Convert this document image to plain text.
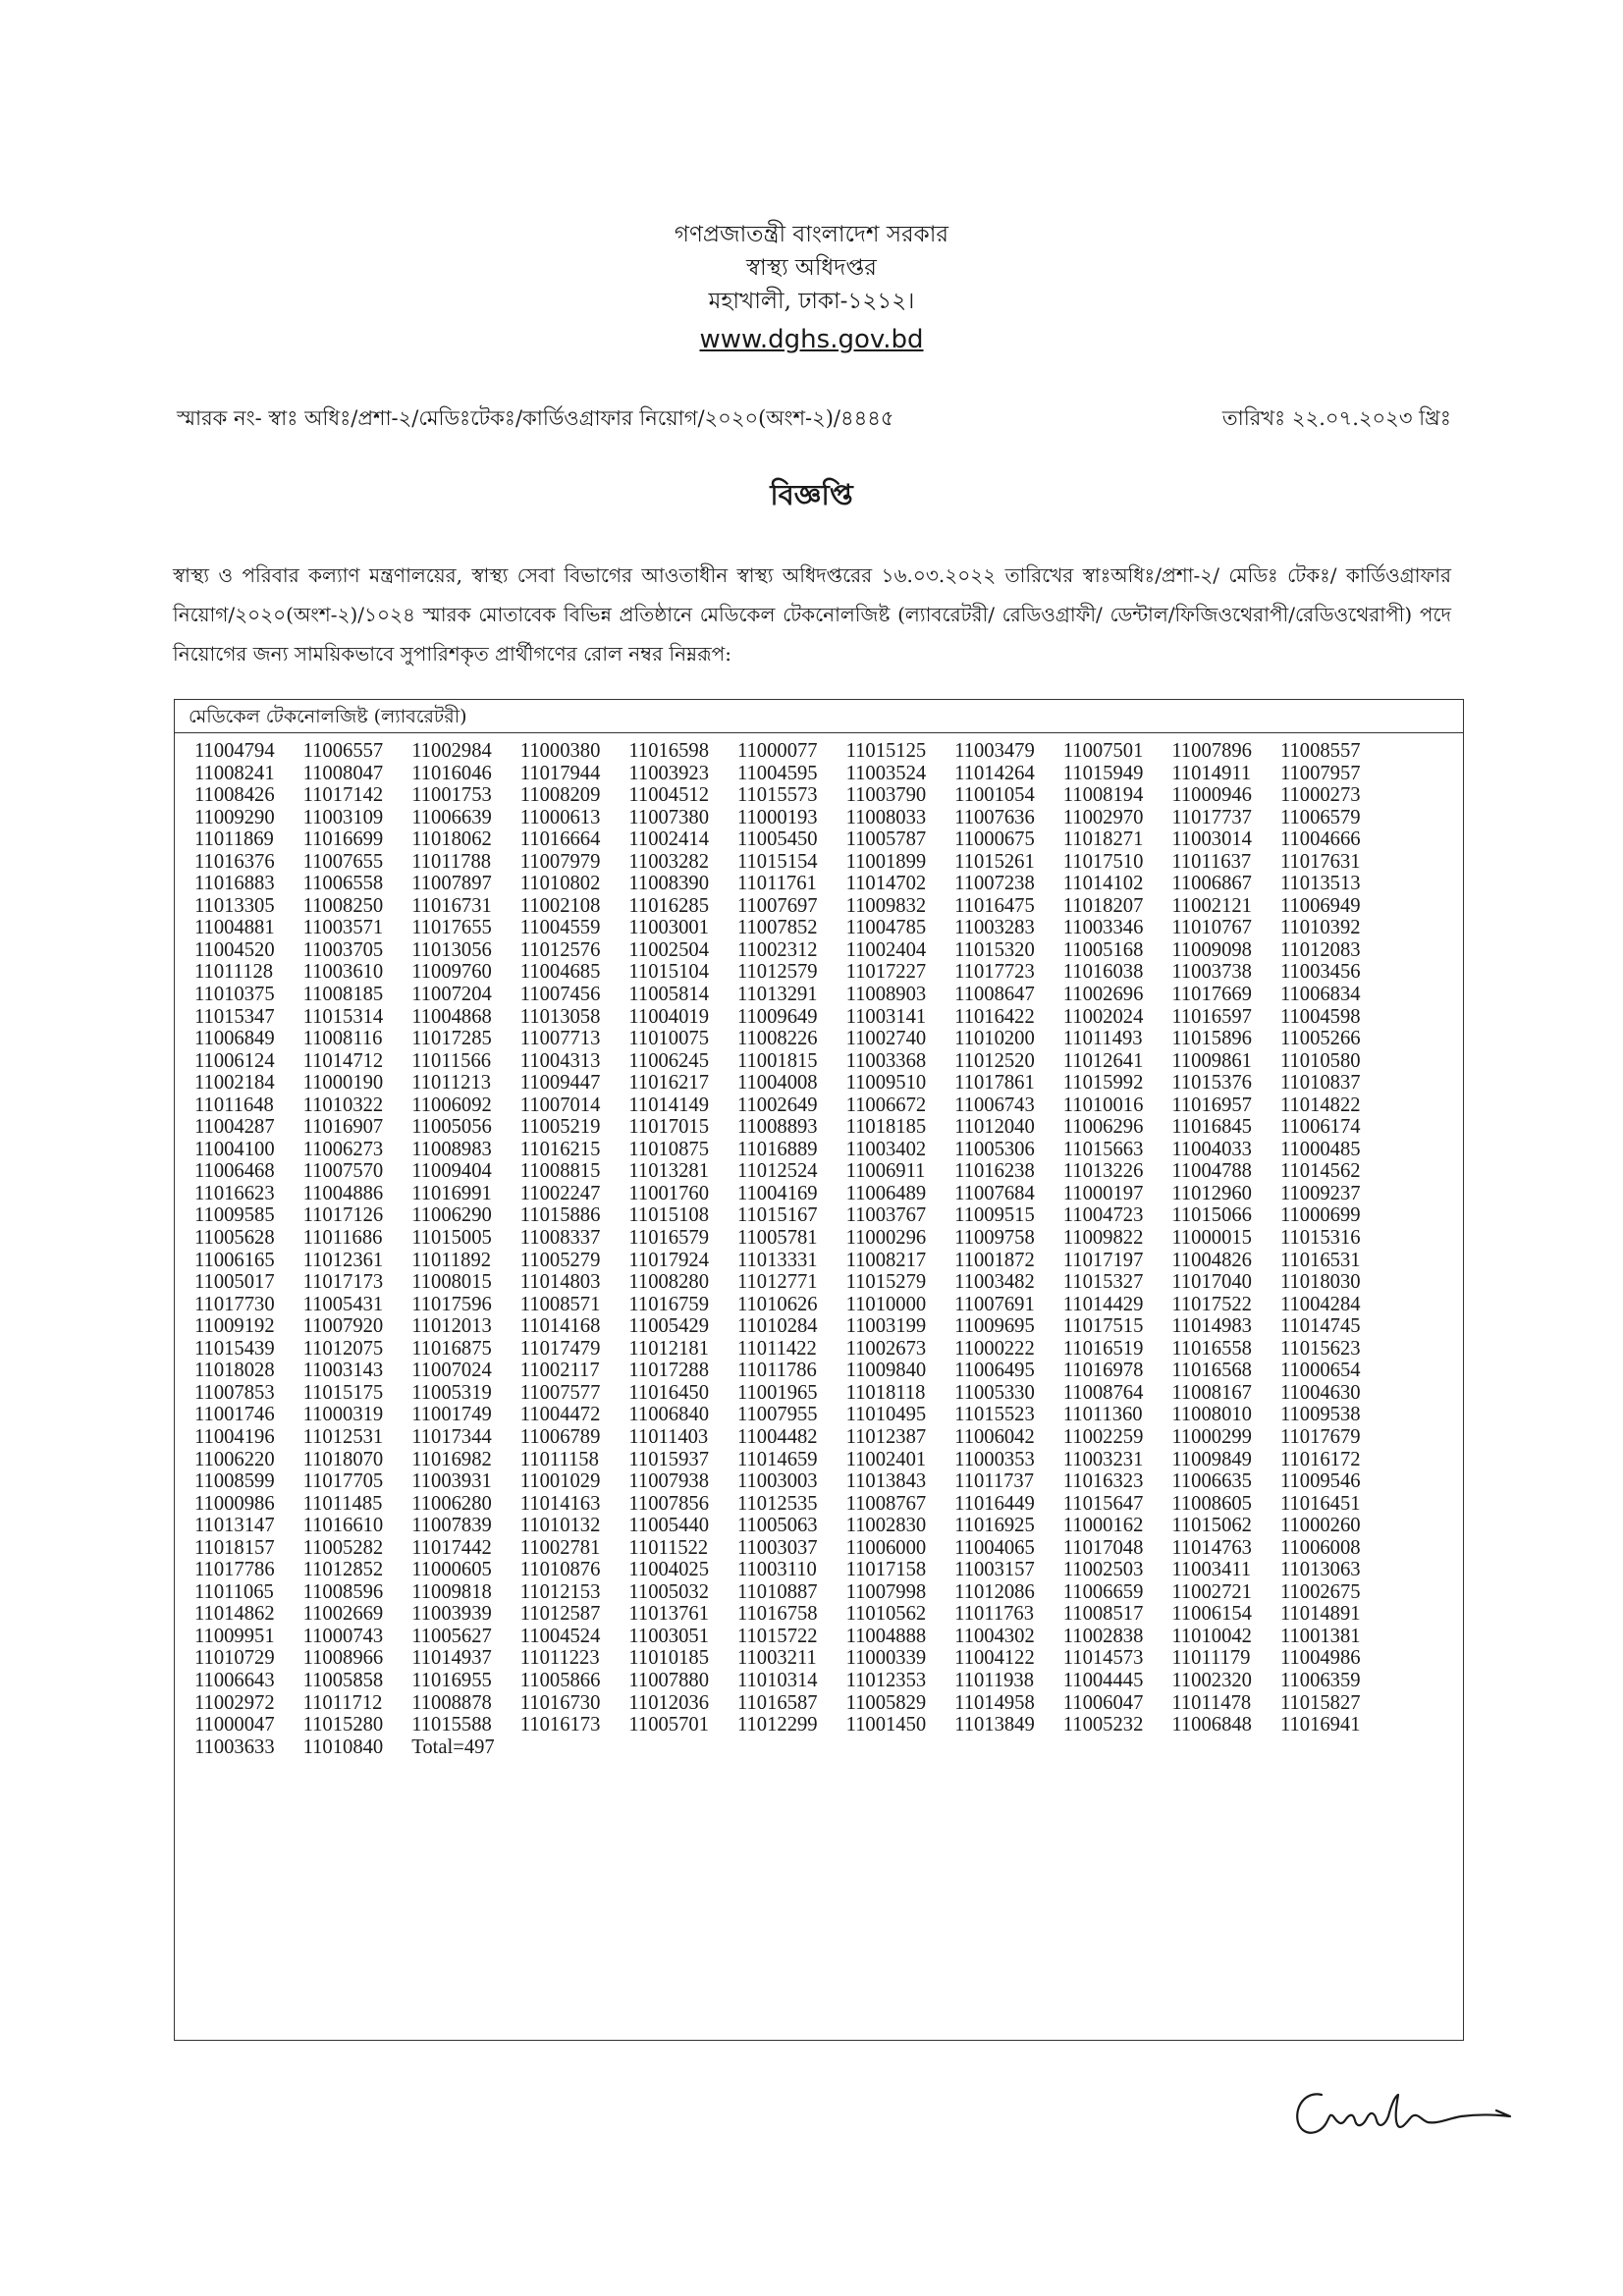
গণপ্রজাতন্ত্রী বাংলাদেশ সরকার
স্বাস্থ্য অধিদপ্তর
মহাখালী, ঢাকা-১২১২।
www.dghs.gov.bd
স্মারক নং- স্বাঃ অধিঃ/প্রশা-২/মেডিঃটেকঃ/কার্ডিওগ্রাফার নিয়োগ/২০২০(অংশ-২)/৪৪৪৫	তারিখঃ ২২.০৭.২০২৩ খ্রিঃ
বিজ্ঞপ্তি
স্বাস্থ্য ও পরিবার কল্যাণ মন্ত্রণালয়ের, স্বাস্থ্য সেবা বিভাগের আওতাধীন স্বাস্থ্য অধিদপ্তরের ১৬.০৩.২০২২ তারিখের স্বাঃঅধিঃ/প্রশা-২/ মেডিঃ টেকঃ/ কার্ডিওগ্রাফার নিয়োগ/২০২০(অংশ-২)/১০২৪ স্মারক মোতাবেক বিভিন্ন প্রতিষ্ঠানে মেডিকেল টেকনোলজিষ্ট (ল্যাবরেটরী/ রেডিওগ্রাফী/ ডেন্টাল/ফিজিওথেরাপী/রেডিওথেরাপী) পদে নিয়োগের জন্য সাময়িকভাবে সুপারিশকৃত প্রার্থীগণের রোল নম্বর নিম্নরূপ:
মেডিকেল টেকনোলজিষ্ট (ল্যাবরেটরী)
11004794	11006557	11002984	11000380	11016598	11000077	11015125	11003479	11007501	11007896	11008557
11008241	11008047	11016046	11017944	11003923	11004595	11003524	11014264	11015949	11014911	11007957
11008426	11017142	11001753	11008209	11004512	11015573	11003790	11001054	11008194	11000946	11000273
11009290	11003109	11006639	11000613	11007380	11000193	11008033	11007636	11002970	11017737	11006579
11011869	11016699	11018062	11016664	11002414	11005450	11005787	11000675	11018271	11003014	11004666
11016376	11007655	11011788	11007979	11003282	11015154	11001899	11015261	11017510	11011637	11017631
11016883	11006558	11007897	11010802	11008390	11011761	11014702	11007238	11014102	11006867	11013513
11013305	11008250	11016731	11002108	11016285	11007697	11009832	11016475	11018207	11002121	11006949
11004881	11003571	11017655	11004559	11003001	11007852	11004785	11003283	11003346	11010767	11010392
11004520	11003705	11013056	11012576	11002504	11002312	11002404	11015320	11005168	11009098	11012083
11011128	11003610	11009760	11004685	11015104	11012579	11017227	11017723	11016038	11003738	11003456
11010375	11008185	11007204	11007456	11005814	11013291	11008903	11008647	11002696	11017669	11006834
11015347	11015314	11004868	11013058	11004019	11009649	11003141	11016422	11002024	11016597	11004598
11006849	11008116	11017285	11007713	11010075	11008226	11002740	11010200	11011493	11015896	11005266
11006124	11014712	11011566	11004313	11006245	11001815	11003368	11012520	11012641	11009861	11010580
11002184	11000190	11011213	11009447	11016217	11004008	11009510	11017861	11015992	11015376	11010837
11011648	11010322	11006092	11007014	11014149	11002649	11006672	11006743	11010016	11016957	11014822
11004287	11016907	11005056	11005219	11017015	11008893	11018185	11012040	11006296	11016845	11006174
11004100	11006273	11008983	11016215	11010875	11016889	11003402	11005306	11015663	11004033	11000485
11006468	11007570	11009404	11008815	11013281	11012524	11006911	11016238	11013226	11004788	11014562
11016623	11004886	11016991	11002247	11001760	11004169	11006489	11007684	11000197	11012960	11009237
11009585	11017126	11006290	11015886	11015108	11015167	11003767	11009515	11004723	11015066	11000699
11005628	11011686	11015005	11008337	11016579	11005781	11000296	11009758	11009822	11000015	11015316
11006165	11012361	11011892	11005279	11017924	11013331	11008217	11001872	11017197	11004826	11016531
11005017	11017173	11008015	11014803	11008280	11012771	11015279	11003482	11015327	11017040	11018030
11017730	11005431	11017596	11008571	11016759	11010626	11010000	11007691	11014429	11017522	11004284
11009192	11007920	11012013	11014168	11005429	11010284	11003199	11009695	11017515	11014983	11014745
11015439	11012075	11016875	11017479	11012181	11011422	11002673	11000222	11016519	11016558	11015623
11018028	11003143	11007024	11002117	11017288	11011786	11009840	11006495	11016978	11016568	11000654
11007853	11015175	11005319	11007577	11016450	11001965	11018118	11005330	11008764	11008167	11004630
11001746	11000319	11001749	11004472	11006840	11007955	11010495	11015523	11011360	11008010	11009538
11004196	11012531	11017344	11006789	11011403	11004482	11012387	11006042	11002259	11000299	11017679
11006220	11018070	11016982	11011158	11015937	11014659	11002401	11000353	11003231	11009849	11016172
11008599	11017705	11003931	11001029	11007938	11003003	11013843	11011737	11016323	11006635	11009546
11000986	11011485	11006280	11014163	11007856	11012535	11008767	11016449	11015647	11008605	11016451
11013147	11016610	11007839	11010132	11005440	11005063	11002830	11016925	11000162	11015062	11000260
11018157	11005282	11017442	11002781	11011522	11003037	11006000	11004065	11017048	11014763	11006008
11017786	11012852	11000605	11010876	11004025	11003110	11017158	11003157	11002503	11003411	11013063
11011065	11008596	11009818	11012153	11005032	11010887	11007998	11012086	11006659	11002721	11002675
11014862	11002669	11003939	11012587	11013761	11016758	11010562	11011763	11008517	11006154	11014891
11009951	11000743	11005627	11004524	11003051	11015722	11004888	11004302	11002838	11010042	11001381
11010729	11008966	11014937	11011223	11010185	11003211	11000339	11004122	11014573	11011179	11004986
11006643	11005858	11016955	11005866	11007880	11010314	11012353	11011938	11004445	11002320	11006359
11002972	11011712	11008878	11016730	11012036	11016587	11005829	11014958	11006047	11011478	11015827
11000047	11015280	11015588	11016173	11005701	11012299	11001450	11013849	11005232	11006848	11016941
11003633	11010840	Total=497
